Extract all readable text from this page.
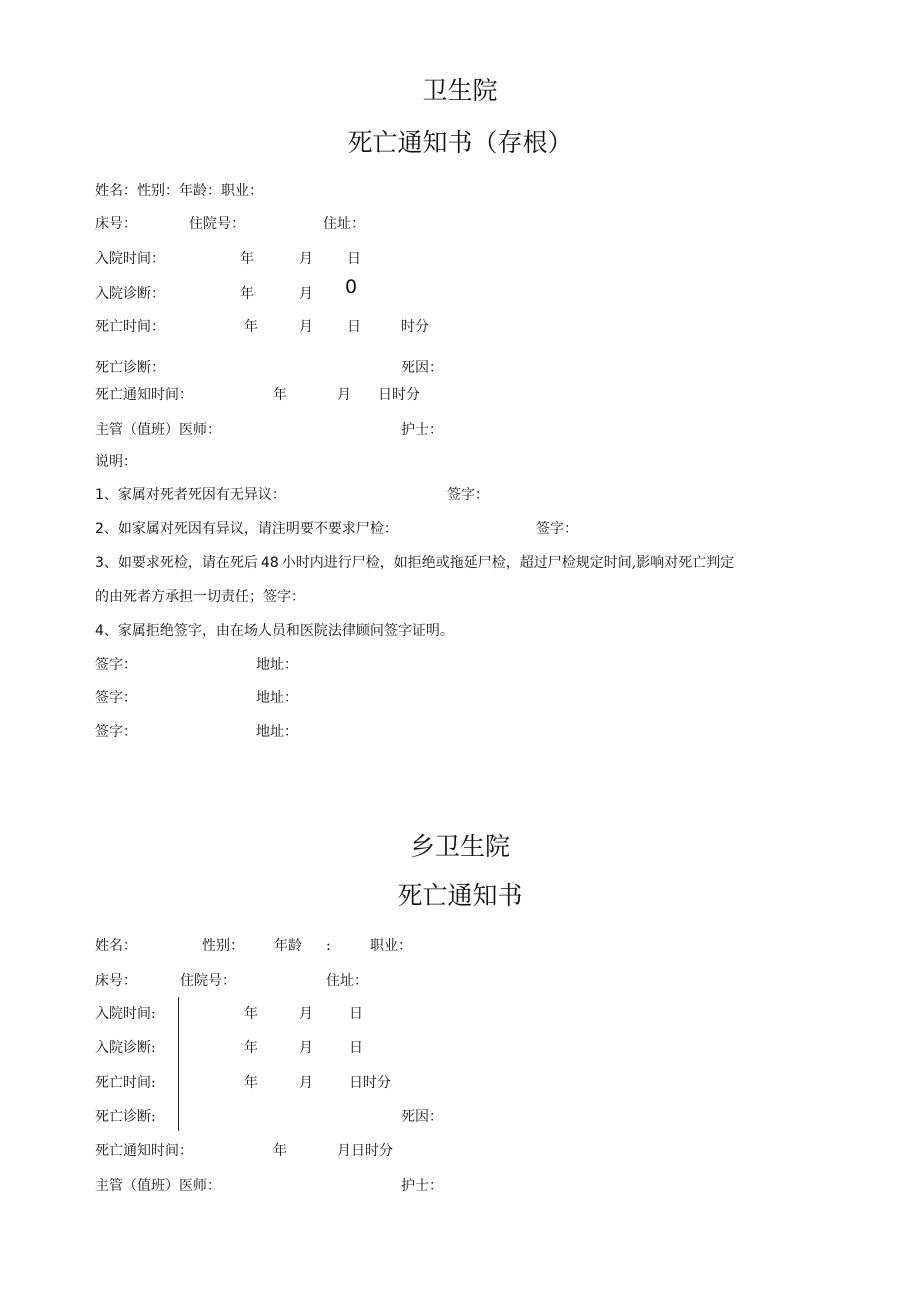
卫生院
死亡通知书（存根）
姓名：性别：年龄：职业：
床号：	住院号：	住址：
入院时间：	年	月 日
入院诊断：	年	月 0
死亡时间：	年	月 日	时分
死亡诊断：	死因：
死亡通知时间：	年	月 日时分
主管（值班）医师：	护士：
说明：
1、家属对死者死因有无异议：	签字：
2、如家属对死因有异议，请注明要不要求尸检：	签字：
3、如要求死检，请在死后 48 小时内进行尸检，如拒绝或拖延尸检，超过尸检规定时间,影响对死亡判定
的由死者方承担一切责任；签字：
4、家属拒绝签字，由在场人员和医院法律顾问签字证明。
签字：	地址：
签字：	地址：
签字：	地址：
乡卫生院
死亡通知书
姓名：	性别： 年龄 :	职业：
床号：	住院号：	住址：
入院时间:	年	月	日
入院诊断:	年	月	日
死亡时间:	年	月	日时分
死亡诊断:	死因：
死亡通知时间：	年	月日时分
主管（值班）医师：	护士：
